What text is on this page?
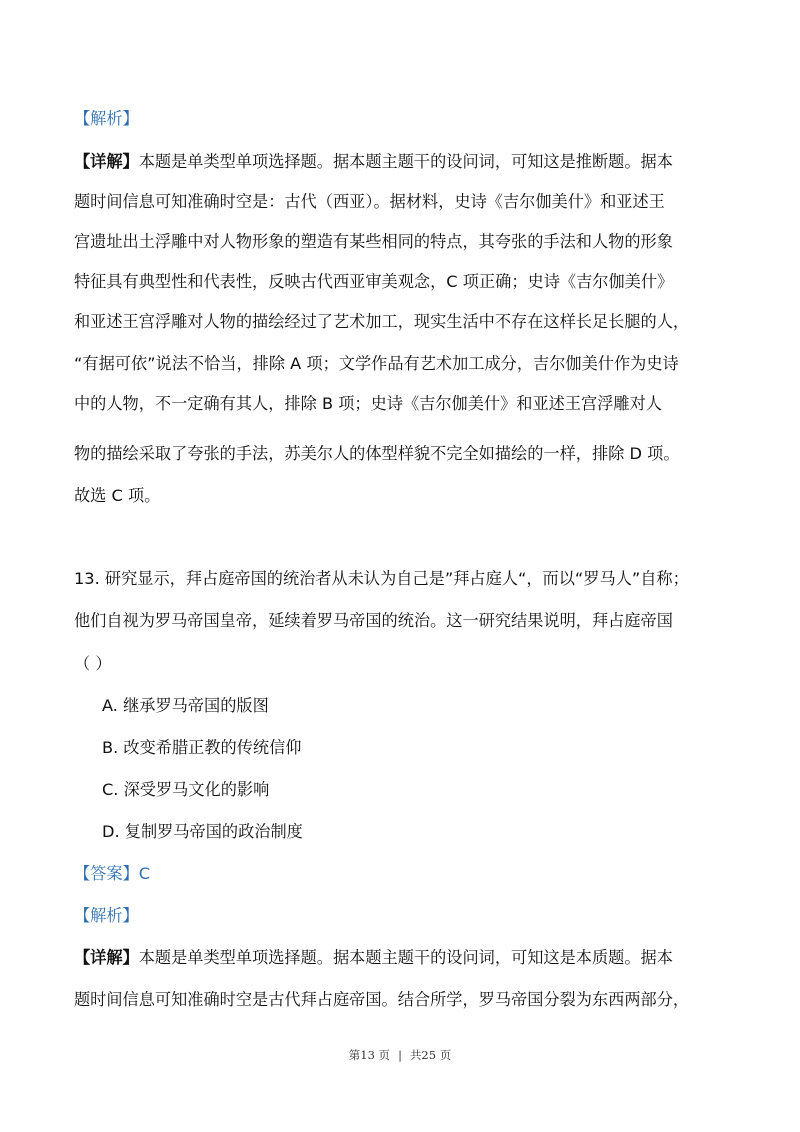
【解析】
【详解】本题是单类型单项选择题。据本题主题干的设问词，可知这是推断题。据本
题时间信息可知准确时空是：古代（西亚）。据材料，史诗《吉尔伽美什》和亚述王
宫遗址出土浮雕中对人物形象的塑造有某些相同的特点，其夸张的手法和人物的形象
特征具有典型性和代表性，反映古代西亚审美观念，C 项正确；史诗《吉尔伽美什》
和亚述王宫浮雕对人物的描绘经过了艺术加工，现实生活中不存在这样长足长腿的人，
“有据可依”说法不恰当，排除 A 项；文学作品有艺术加工成分，吉尔伽美什作为史诗
中的人物，不一定确有其人，排除 B 项；史诗《吉尔伽美什》和亚述王宫浮雕对人
物的描绘采取了夸张的手法，苏美尔人的体型样貌不完全如描绘的一样，排除 D 项。
故选 C 项。
13. 研究显示，拜占庭帝国的统治者从未认为自己是”拜占庭人“，而以“罗马人”自称；
他们自视为罗马帝国皇帝，延续着罗马帝国的统治。这一研究结果说明，拜占庭帝国
（ ）
A. 继承罗马帝国的版图
B. 改变希腊正教的传统信仰
C. 深受罗马文化的影响
D. 复制罗马帝国的政治制度
【答案】C
【解析】
【详解】本题是单类型单项选择题。据本题主题干的设问词，可知这是本质题。据本
题时间信息可知准确时空是古代拜占庭帝国。结合所学，罗马帝国分裂为东西两部分，
第13 页 | 共25 页
